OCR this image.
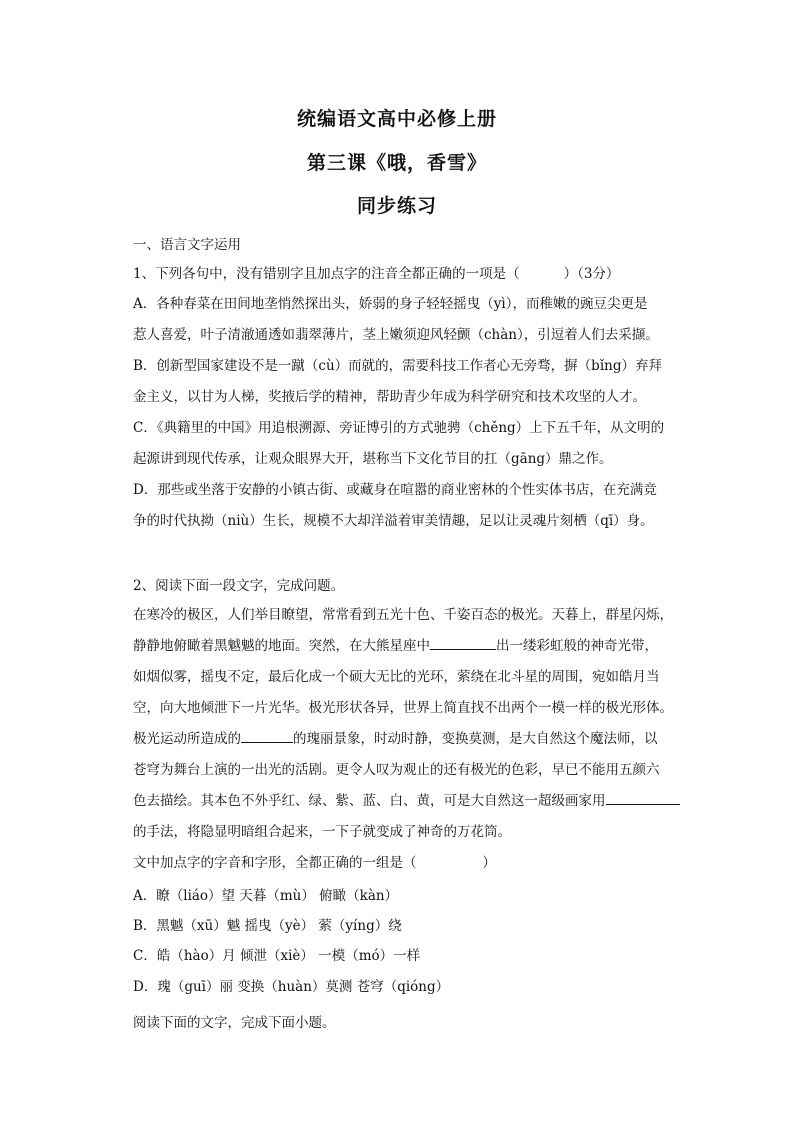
统编语文高中必修上册
第三课《哦，香雪》
同步练习
一、语言文字运用
1、下列各句中，没有错别字且加点字的注音全都正确的一项是（	）（3分）
A．各种春菜在田间地垄悄然探出头，娇弱的身子轻轻摇曳（yì），而稚嫩的豌豆尖更是
惹人喜爱，叶子清澈通透如翡翠薄片，茎上嫩须迎风轻颤（chàn），引逗着人们去采撷。
B．创新型国家建设不是一蹴（cù）而就的，需要科技工作者心无旁骛，摒（bǐng）弃拜
金主义，以甘为人梯，奖掖后学的精神，帮助青少年成为科学研究和技术攻坚的人才。
C．《典籍里的中国》用追根溯源、旁证博引的方式驰骋（chěng）上下五千年，从文明的
起源讲到现代传承，让观众眼界大开，堪称当下文化节目的扛（gāng）鼎之作。
D．那些或坐落于安静的小镇古街、或藏身在喧嚣的商业密林的个性实体书店，在充满竞
争的时代执拗（niù）生长，规模不大却洋溢着审美情趣，足以让灵魂片刻栖（qī）身。
2、阅读下面一段文字，完成问题。
在寒冷的极区，人们举目瞭望，常常看到五光十色、千姿百态的极光。天暮上，群星闪烁，
静静地俯瞰着黑魆魆的地面。突然，在大熊星座中	出一缕彩虹般的神奇光带，
如烟似雾，摇曳不定，最后化成一个硕大无比的光环，萦绕在北斗星的周围，宛如皓月当
空，向大地倾泄下一片光华。极光形状各异，世界上简直找不出两个一模一样的极光形体。
极光运动所造成的	的瑰丽景象，时动时静，变换莫测，是大自然这个魔法师，以
苍穹为舞台上演的一出光的活剧。更令人叹为观止的还有极光的色彩，早已不能用五颜六
色去描绘。其本色不外乎红、绿、紫、蓝、白、黄，可是大自然这一超级画家用
的手法，将隐显明暗组合起来，一下子就变成了神奇的万花筒。
文中加点字的字音和字形，全都正确的一组是（	）
A．瞭（liáo）望 天暮（mù） 俯瞰（kàn）
B．黑魆（xū）魆 摇曳（yè） 萦（yíng）绕
C．皓（hào）月 倾泄（xiè） 一模（mó）一样
D．瑰（guī）丽 变换（huàn）莫测 苍穹（qióng）
阅读下面的文字，完成下面小题。
